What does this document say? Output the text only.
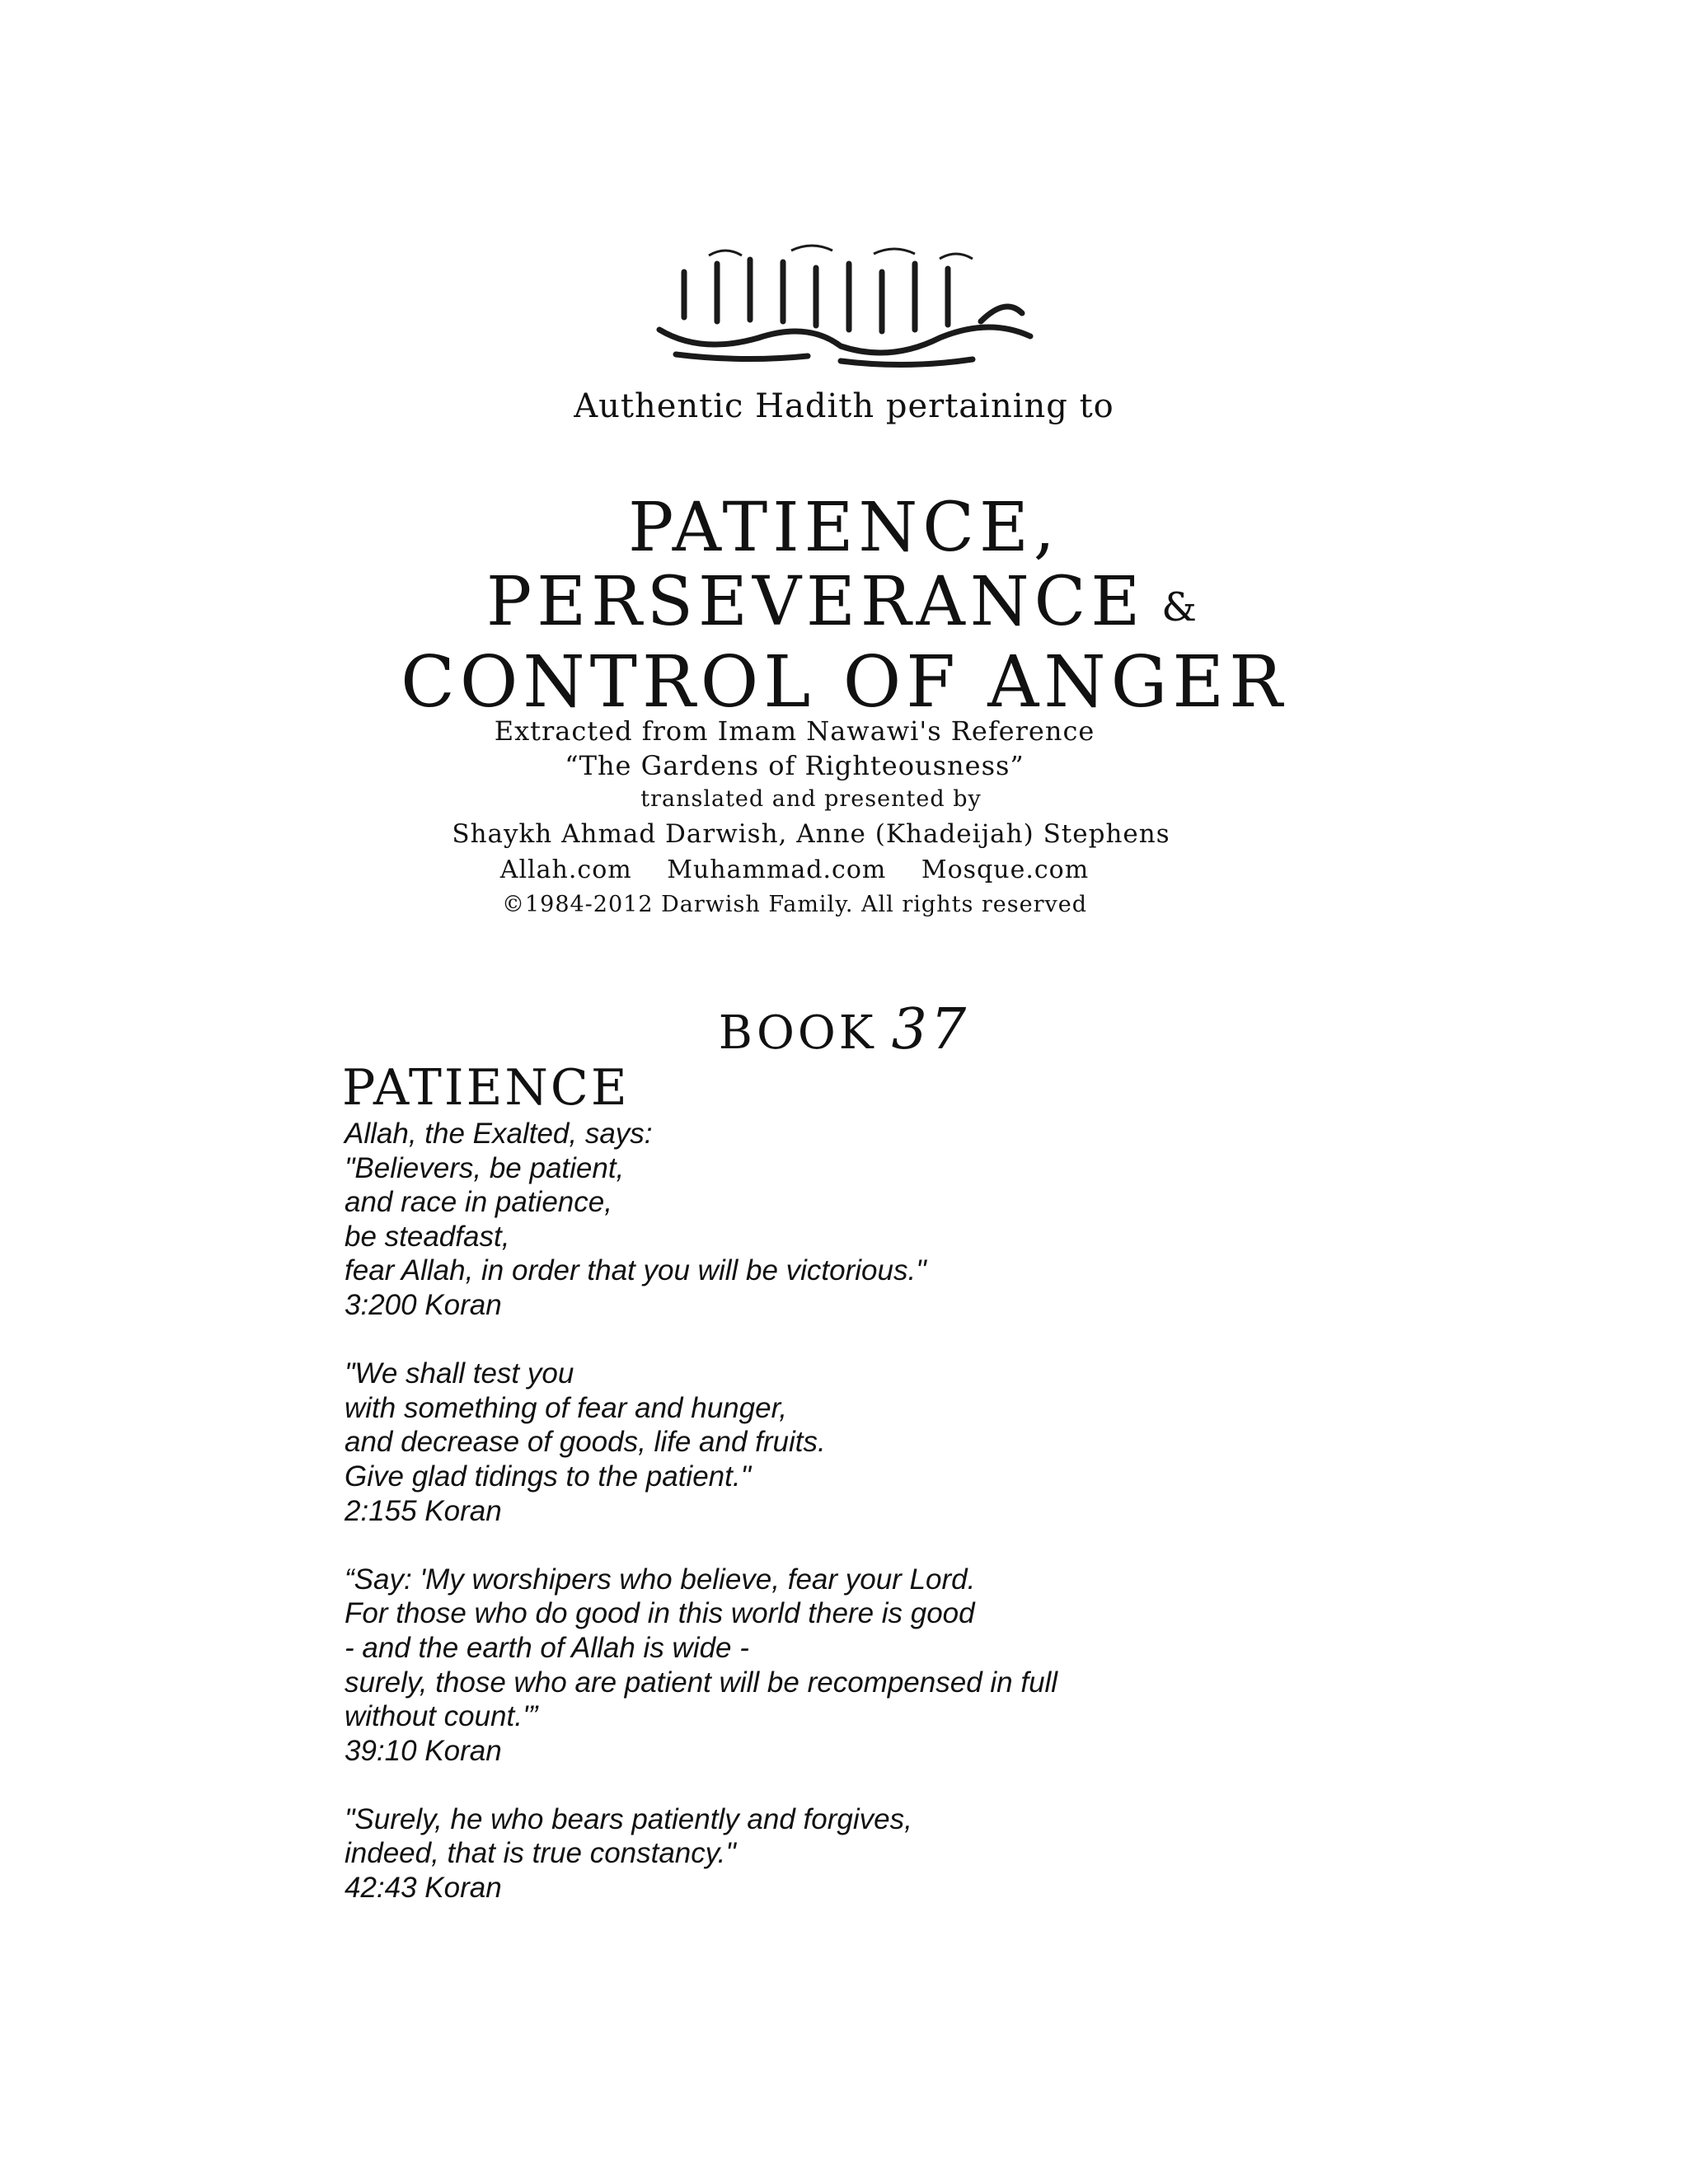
Authentic Hadith pertaining to
PATIENCE,
PERSEVERANCE &
CONTROL OF ANGER
Extracted from Imam Nawawi's Reference
“The Gardens of Righteousness”
translated and presented by
Shaykh Ahmad Darwish, Anne (Khadeijah) Stephens
Allah.com Muhammad.com Mosque.com
©1984-2012 Darwish Family. All rights reserved
BOOK 37
PATIENCE
Allah, the Exalted, says:
"Believers, be patient,
and race in patience,
be steadfast,
fear Allah, in order that you will be victorious."
3:200 Koran
"We shall test you
with something of fear and hunger,
and decrease of goods, life and fruits.
Give glad tidings to the patient."
2:155 Koran
“Say: 'My worshipers who believe, fear your Lord.
For those who do good in this world there is good
- and the earth of Allah is wide -
surely, those who are patient will be recompensed in full
without count.'”
39:10 Koran
"Surely, he who bears patiently and forgives,
indeed, that is true constancy."
42:43 Koran
